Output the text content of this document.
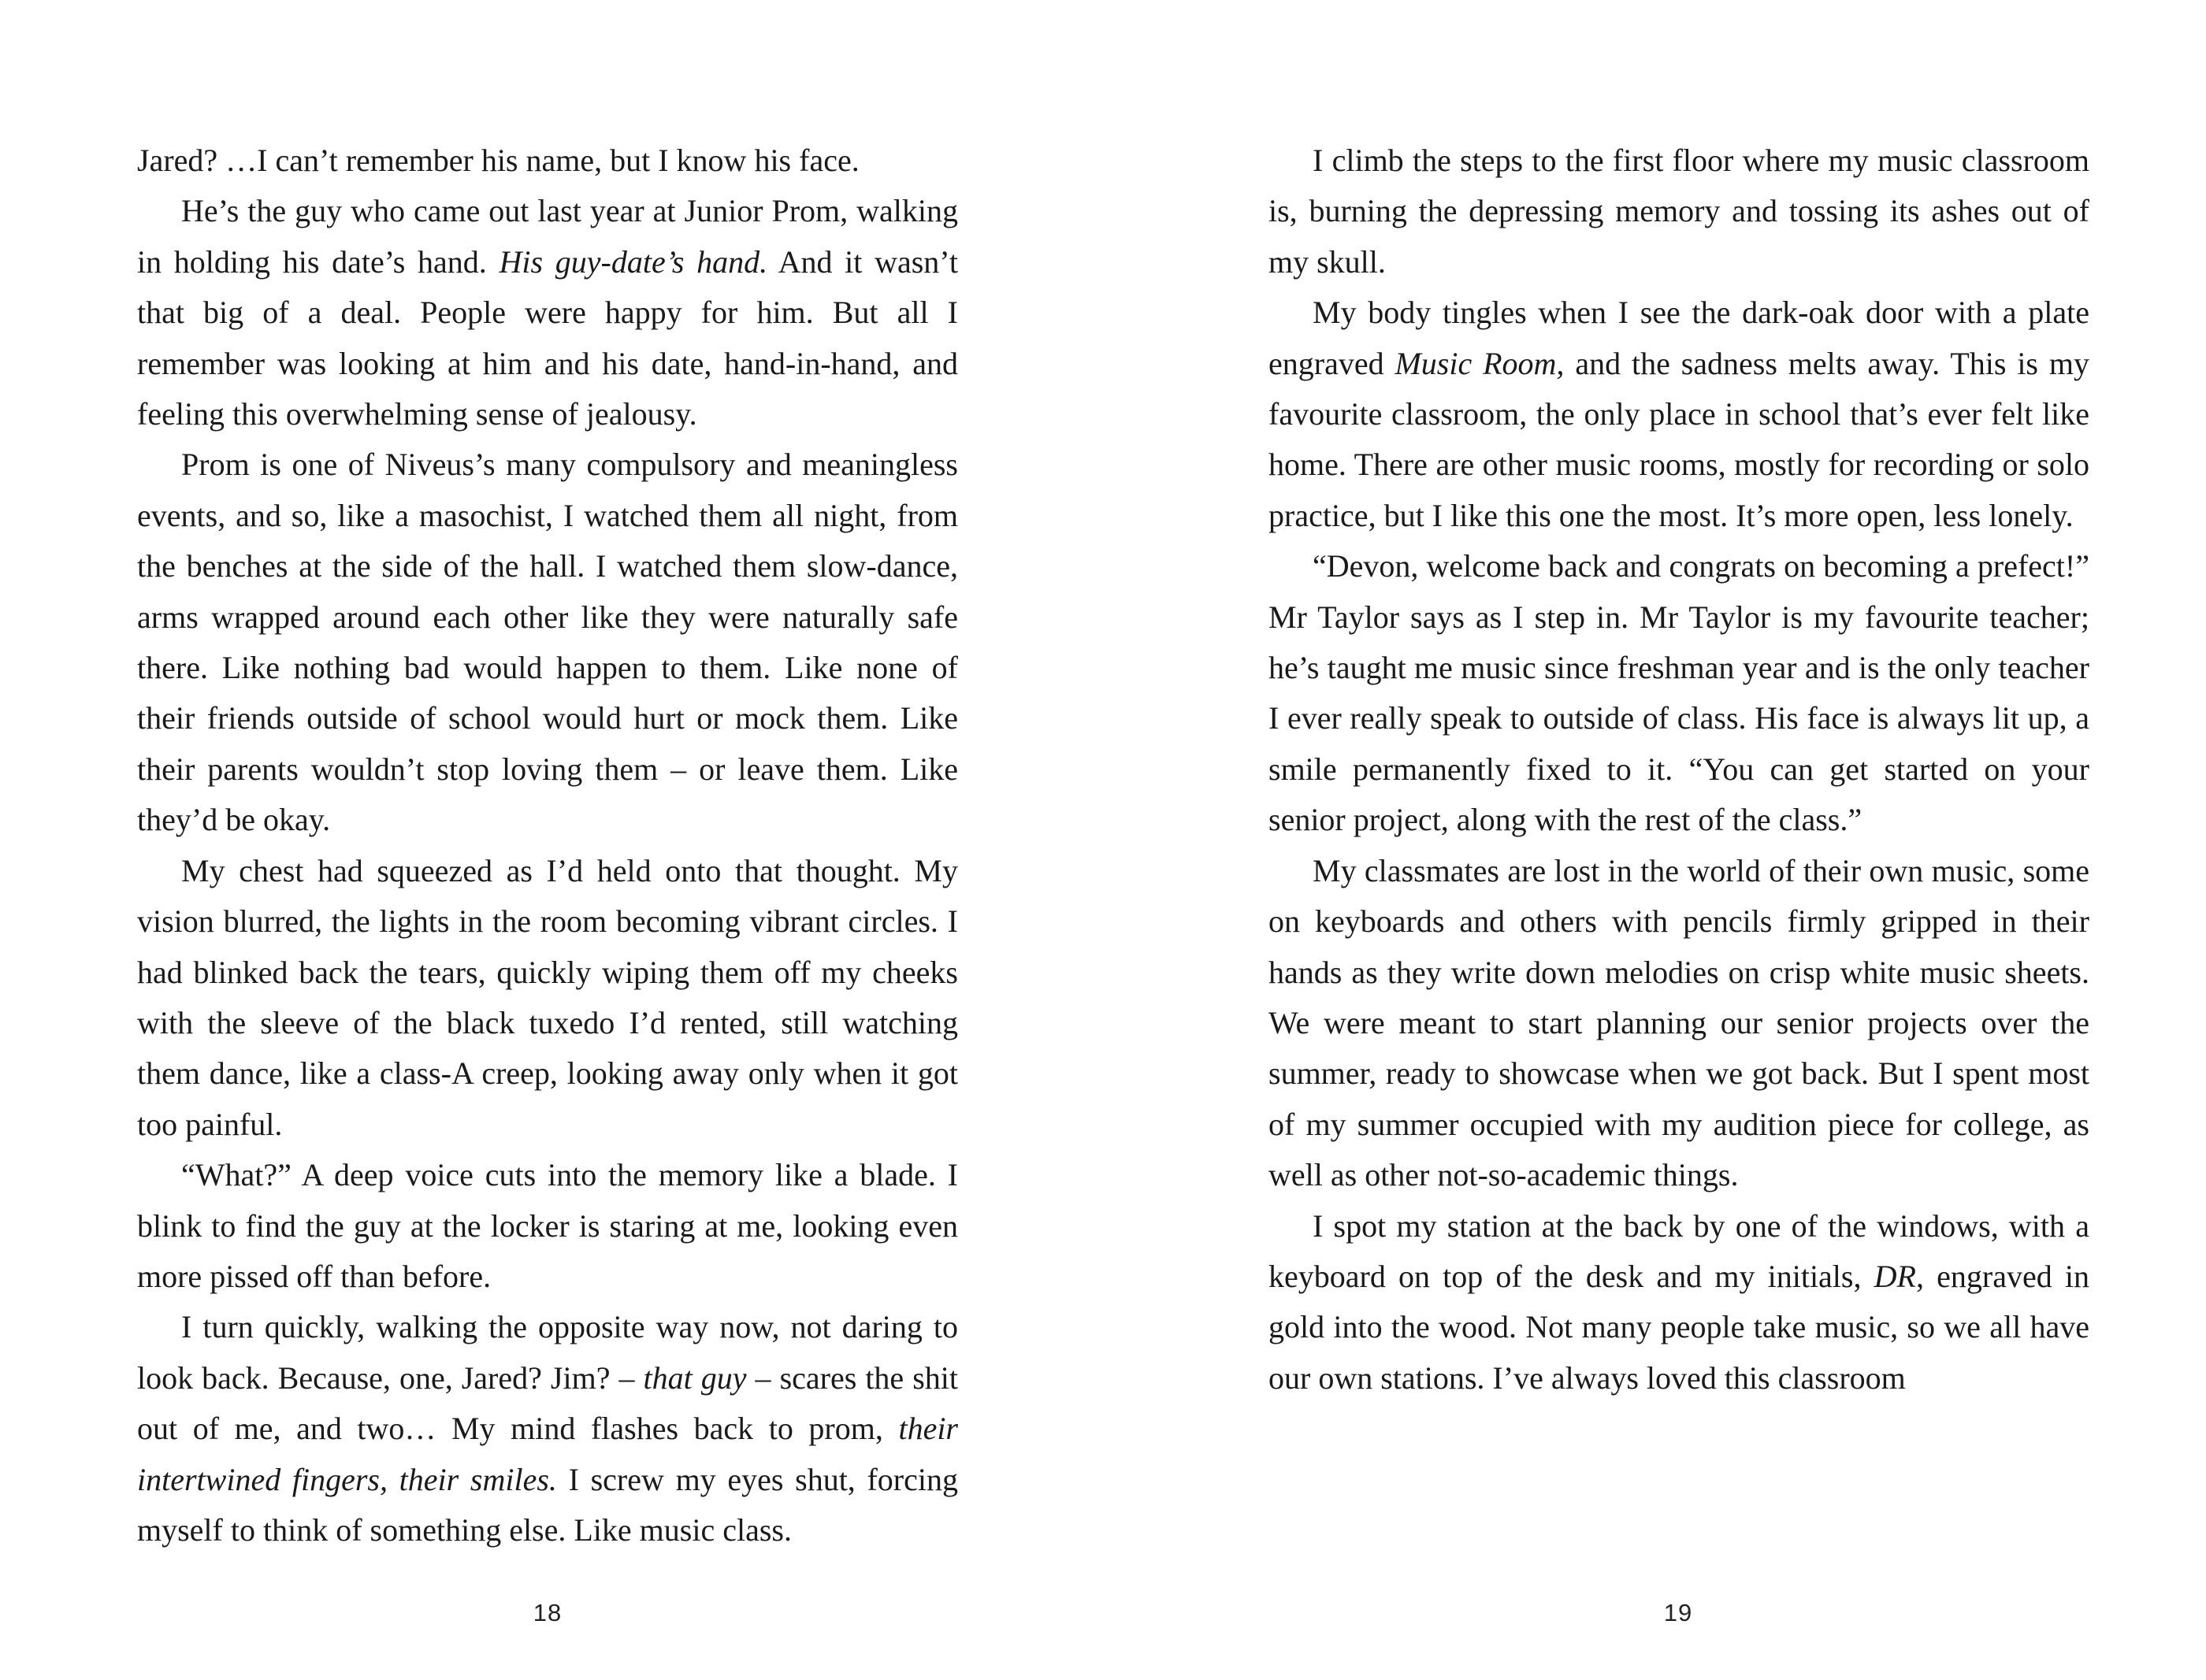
Jared? …I can’t remember his name, but I know his face.

He’s the guy who came out last year at Junior Prom, walking in holding his date’s hand. His guy-date’s hand. And it wasn’t that big of a deal. People were happy for him. But all I remember was looking at him and his date, hand-in-hand, and feeling this overwhelming sense of jealousy.

Prom is one of Niveus’s many compulsory and meaningless events, and so, like a masochist, I watched them all night, from the benches at the side of the hall. I watched them slow-dance, arms wrapped around each other like they were naturally safe there. Like nothing bad would happen to them. Like none of their friends outside of school would hurt or mock them. Like their parents wouldn’t stop loving them – or leave them. Like they’d be okay.

My chest had squeezed as I’d held onto that thought. My vision blurred, the lights in the room becoming vibrant circles. I had blinked back the tears, quickly wiping them off my cheeks with the sleeve of the black tuxedo I’d rented, still watching them dance, like a class-A creep, looking away only when it got too painful.

“What?” A deep voice cuts into the memory like a blade. I blink to find the guy at the locker is staring at me, looking even more pissed off than before.

I turn quickly, walking the opposite way now, not daring to look back. Because, one, Jared? Jim? – that guy – scares the shit out of me, and two… My mind flashes back to prom, their intertwined fingers, their smiles. I screw my eyes shut, forcing myself to think of something else. Like music class.

18

I climb the steps to the first floor where my music classroom is, burning the depressing memory and tossing its ashes out of my skull.

My body tingles when I see the dark-oak door with a plate engraved Music Room, and the sadness melts away. This is my favourite classroom, the only place in school that’s ever felt like home. There are other music rooms, mostly for recording or solo practice, but I like this one the most. It’s more open, less lonely.

“Devon, welcome back and congrats on becoming a prefect!” Mr Taylor says as I step in. Mr Taylor is my favourite teacher; he’s taught me music since freshman year and is the only teacher I ever really speak to outside of class. His face is always lit up, a smile permanently fixed to it. “You can get started on your senior project, along with the rest of the class.”

My classmates are lost in the world of their own music, some on keyboards and others with pencils firmly gripped in their hands as they write down melodies on crisp white music sheets. We were meant to start planning our senior projects over the summer, ready to showcase when we got back. But I spent most of my summer occupied with my audition piece for college, as well as other not-so-academic things.

I spot my station at the back by one of the windows, with a keyboard on top of the desk and my initials, DR, engraved in gold into the wood. Not many people take music, so we all have our own stations. I’ve always loved this classroom

19
